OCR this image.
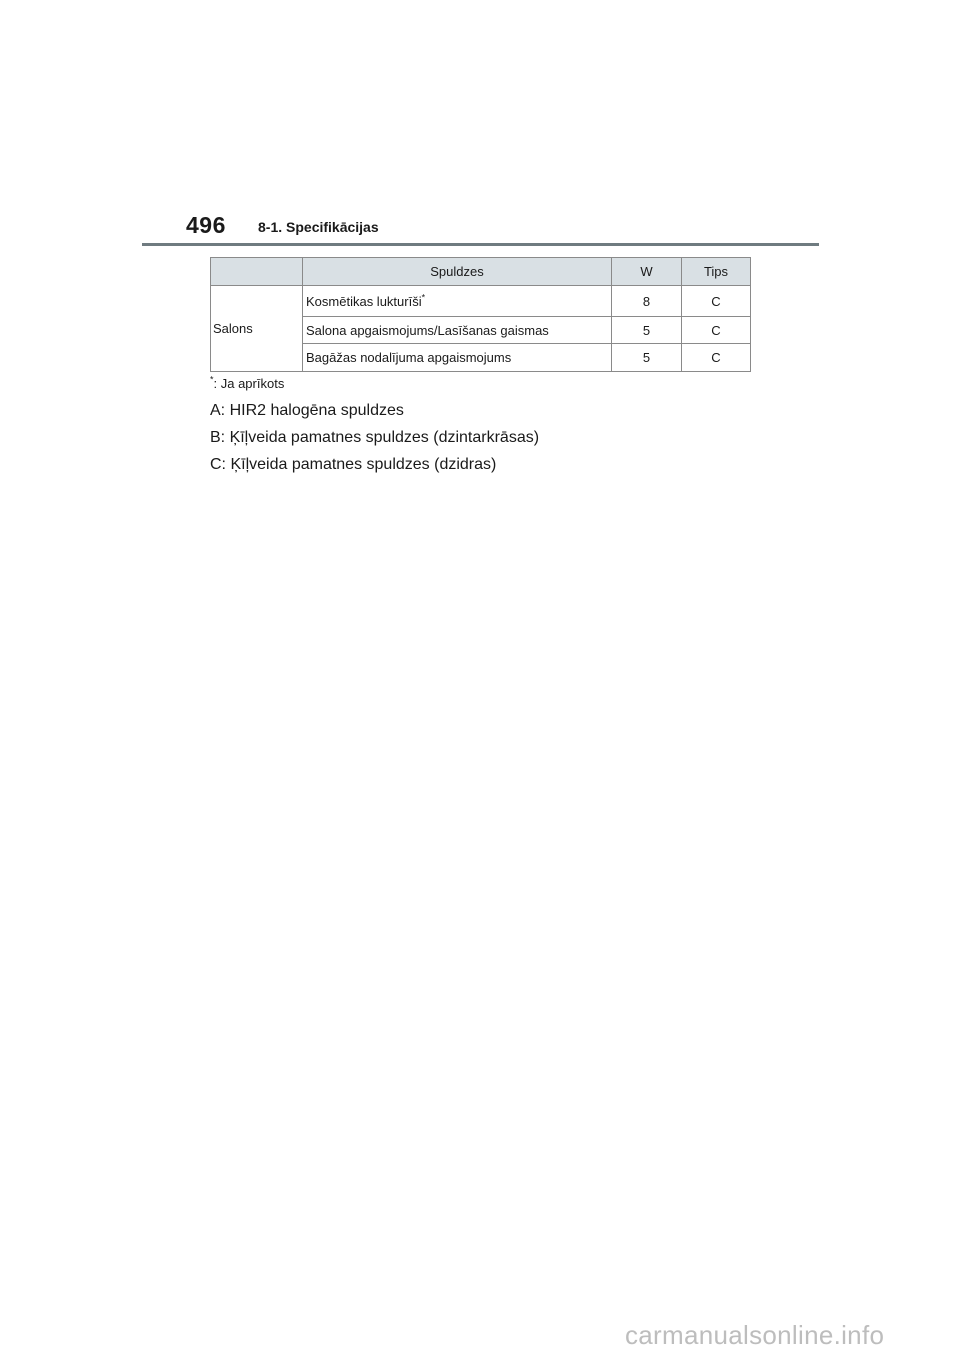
496 8-1. Specifikācijas
	Spuldzes	W	Tips
Salons	Kosmētikas lukturīši*	8	C
	Salona apgaismojums/Lasīšanas gaismas	5	C
	Bagāžas nodalījuma apgaismojums	5	C
*: Ja aprīkots
A: HIR2 halogēna spuldzes
B: Ķīļveida pamatnes spuldzes (dzintarkrāsas)
C: Ķīļveida pamatnes spuldzes (dzidras)
carmanualsonline.info
